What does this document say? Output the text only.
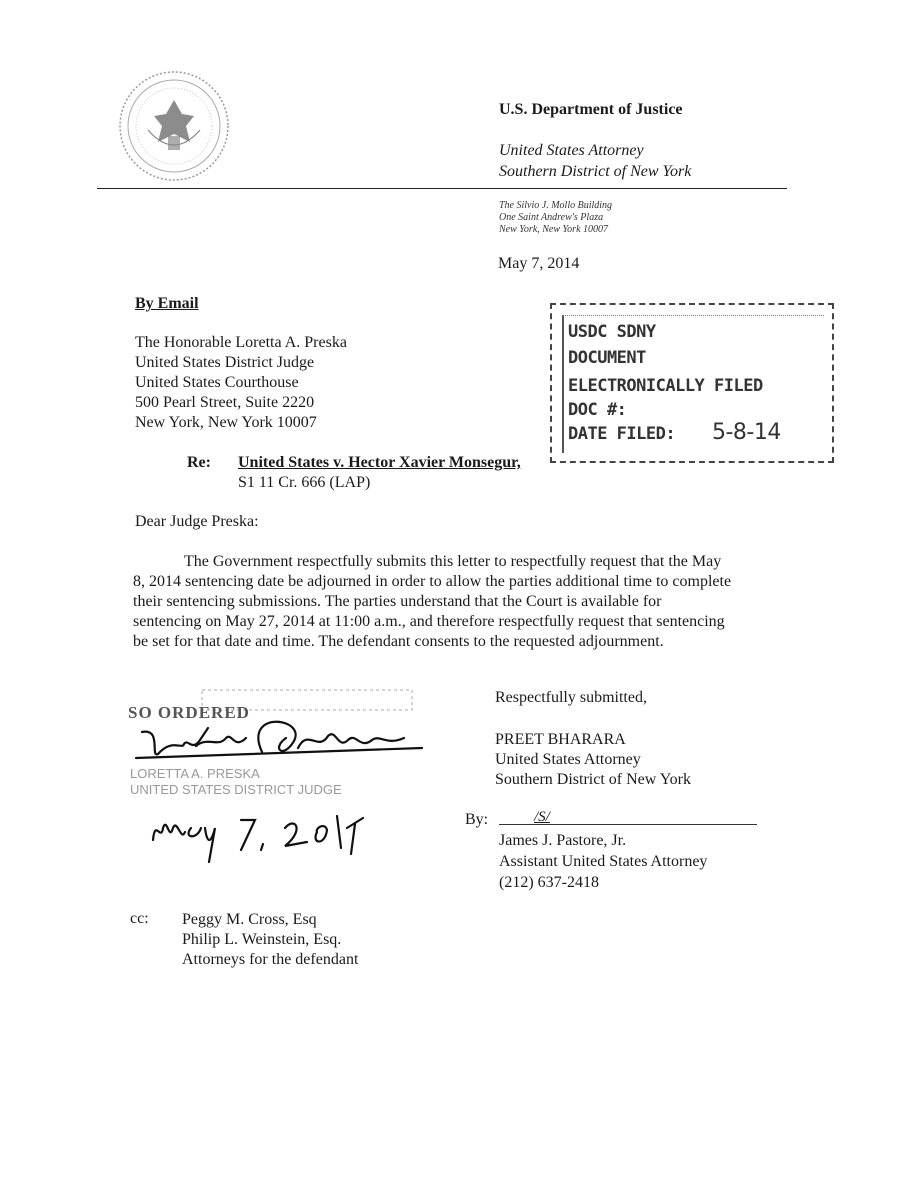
U.S. Department of Justice
United States Attorney
Southern District of New York
The Silvio J. Mollo Building
One Saint Andrew's Plaza
New York, New York 10007
May 7, 2014
By Email
The Honorable Loretta A. Preska
United States District Judge
United States Courthouse
500 Pearl Street, Suite 2220
New York, New York 10007
USDC SDNY
DOCUMENT
ELECTRONICALLY FILED
DOC #:
DATE FILED: 5-8-14
Re: United States v. Hector Xavier Monsegur,
S1 11 Cr. 666 (LAP)
Dear Judge Preska:
The Government respectfully submits this letter to respectfully request that the May
8, 2014 sentencing date be adjourned in order to allow the parties additional time to complete
their sentencing submissions. The parties understand that the Court is available for
sentencing on May 27, 2014 at 11:00 a.m., and therefore respectfully request that sentencing
be set for that date and time. The defendant consents to the requested adjournment.
SO ORDERED
LORETTA A. PRESKA
UNITED STATES DISTRICT JUDGE
Respectfully submitted,
PREET BHARARA
United States Attorney
Southern District of New York
By:	/S/
James J. Pastore, Jr.
Assistant United States Attorney
(212) 637-2418
cc: Peggy M. Cross, Esq
Philip L. Weinstein, Esq.
Attorneys for the defendant
